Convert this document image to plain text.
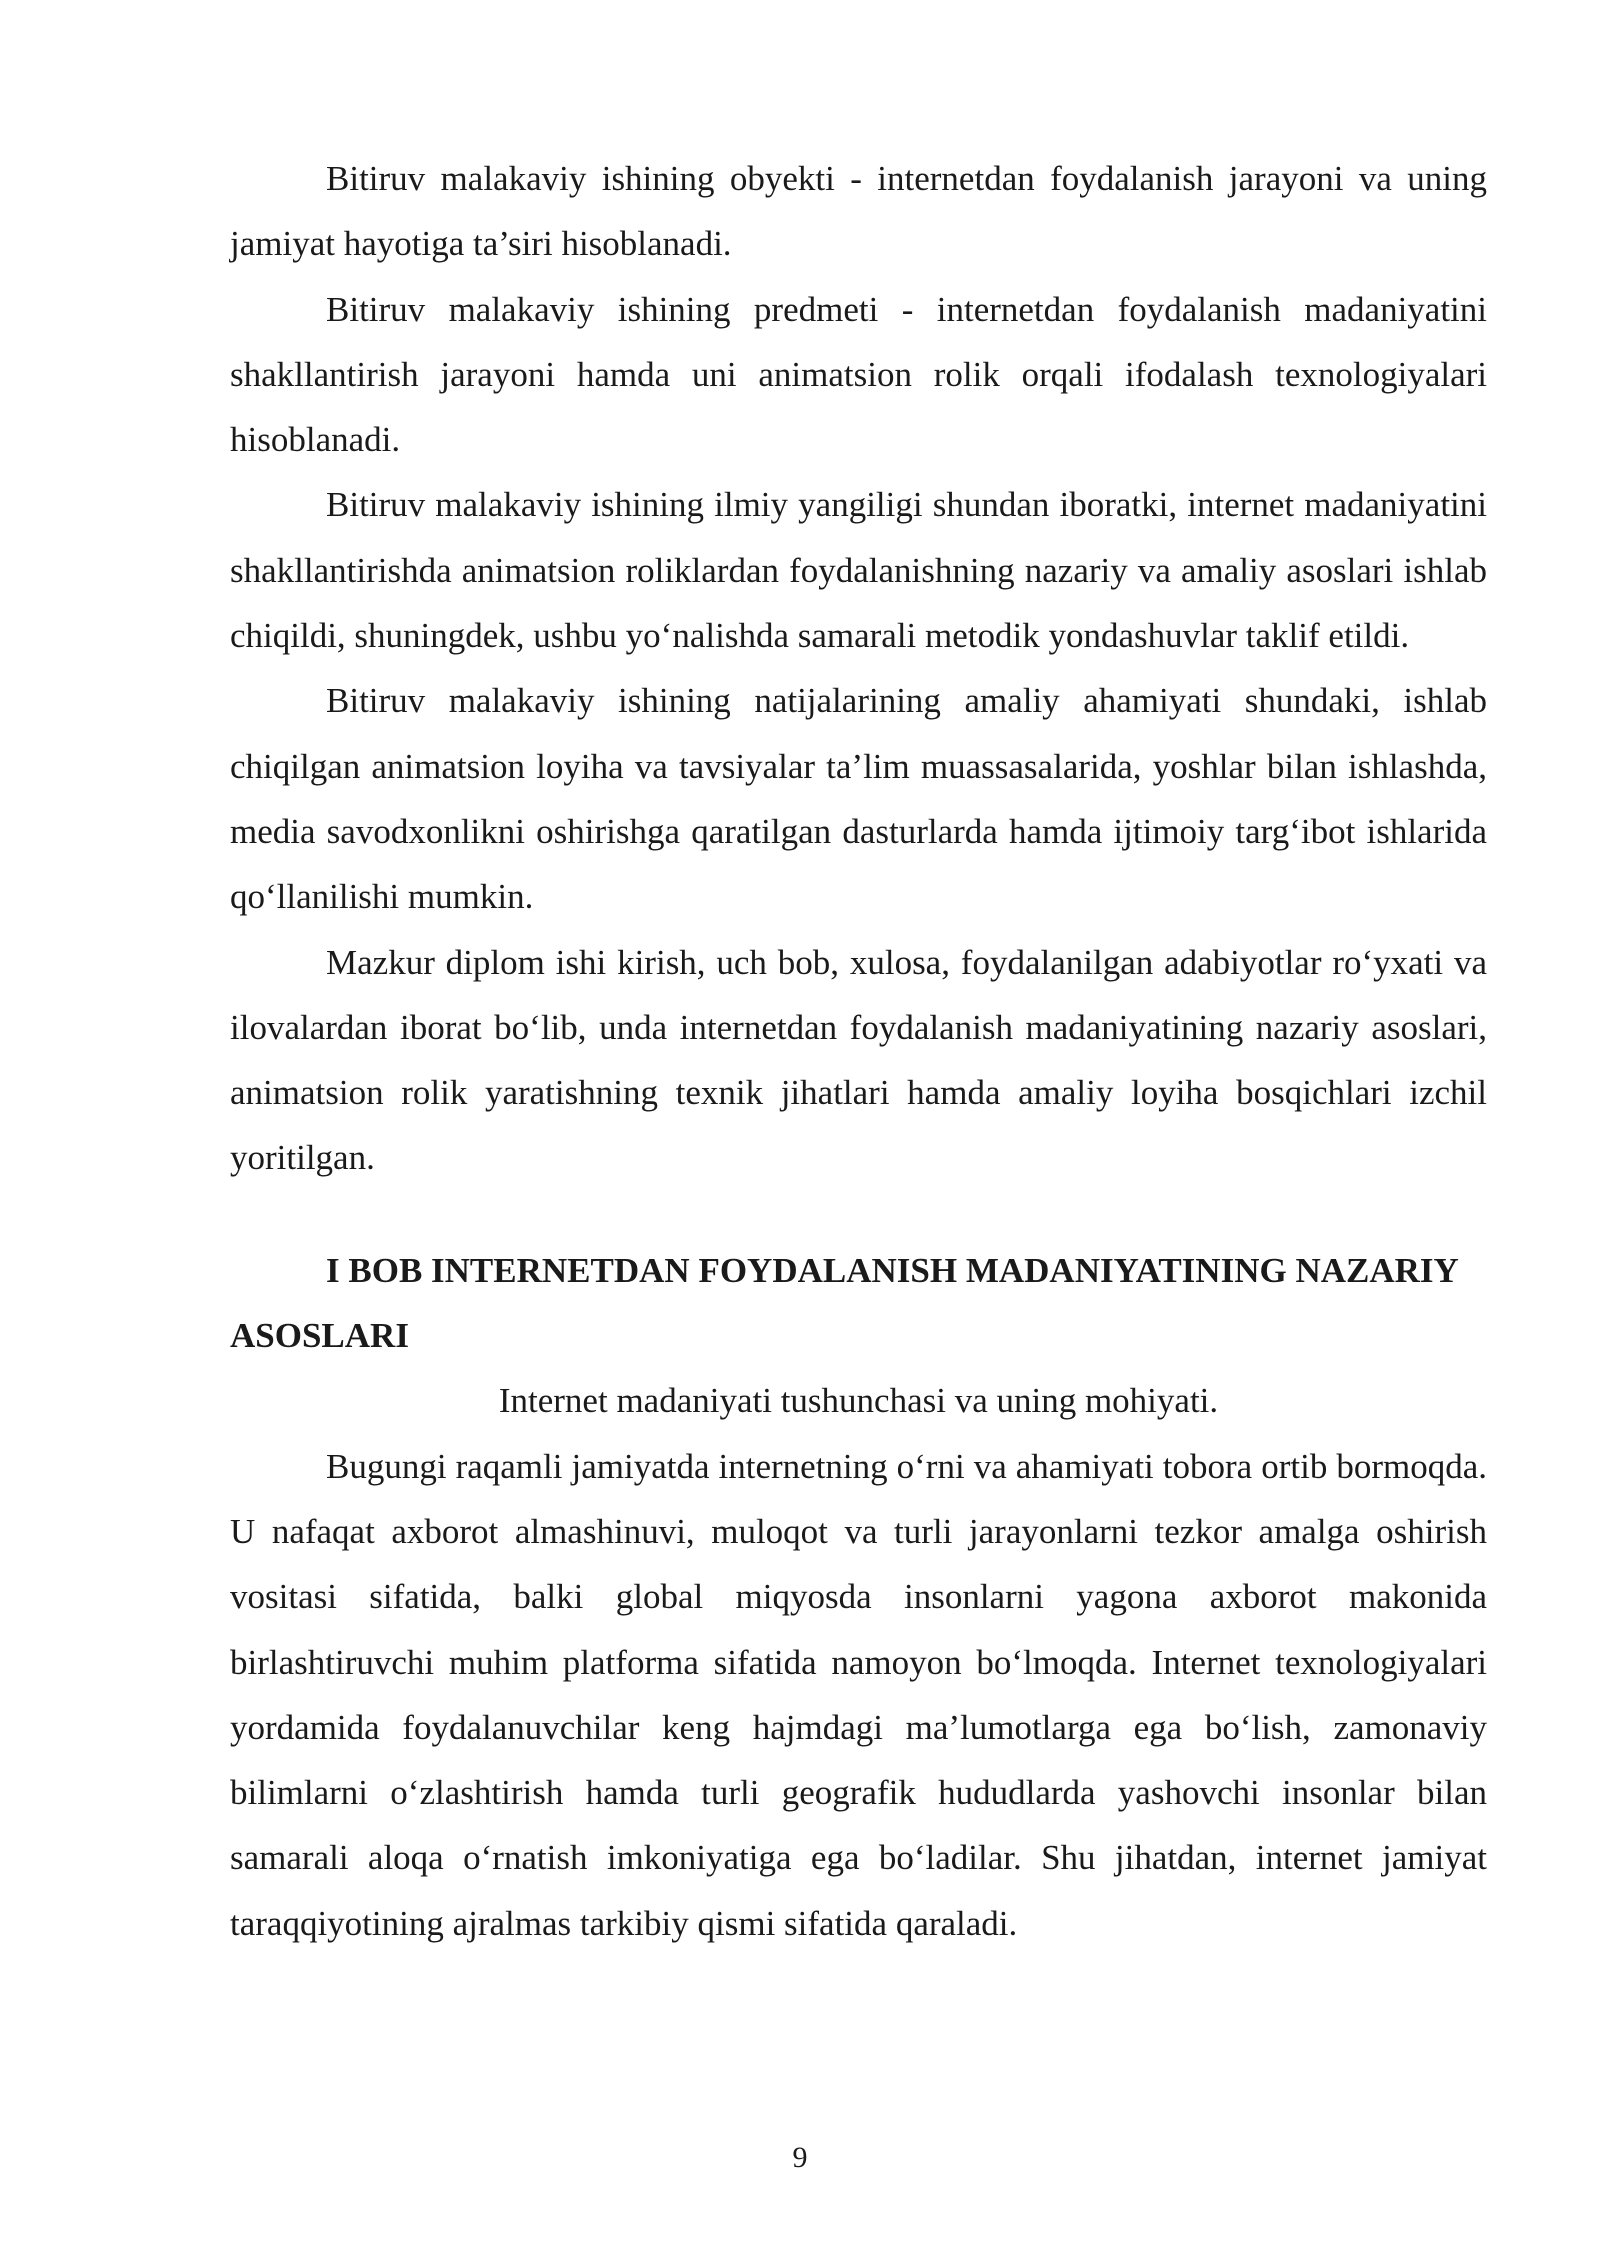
Bitiruv malakaviy ishining obyekti - internetdan foydalanish jarayoni va uning jamiyat hayotiga ta’siri hisoblanadi.

Bitiruv malakaviy ishining predmeti - internetdan foydalanish madaniyatini shakllantirish jarayoni hamda uni animatsion rolik orqali ifodalash texnologiyalari hisoblanadi.

Bitiruv malakaviy ishining ilmiy yangiligi shundan iboratki, internet madaniyatini shakllantirishda animatsion roliklardan foydalanishning nazariy va amaliy asoslari ishlab chiqildi, shuningdek, ushbu yo‘nalishda samarali metodik yondashuvlar taklif etildi.

Bitiruv malakaviy ishining natijalarining amaliy ahamiyati shundaki, ishlab chiqilgan animatsion loyiha va tavsiyalar ta’lim muassasalarida, yoshlar bilan ishlashda, media savodxonlikni oshirishga qaratilgan dasturlarda hamda ijtimoiy targ‘ibot ishlarida qo‘llanilishi mumkin.

Mazkur diplom ishi kirish, uch bob, xulosa, foydalanilgan adabiyotlar ro‘yxati va ilovalardan iborat bo‘lib, unda internetdan foydalanish madaniyatining nazariy asoslari, animatsion rolik yaratishning texnik jihatlari hamda amaliy loyiha bosqichlari izchil yoritilgan.

I BOB INTERNETDAN FOYDALANISH MADANIYATINING NAZARIY ASOSLARI

Internet madaniyati tushunchasi va uning mohiyati.

Bugungi raqamli jamiyatda internetning o‘rni va ahamiyati tobora ortib bormoqda. U nafaqat axborot almashinuvi, muloqot va turli jarayonlarni tezkor amalga oshirish vositasi sifatida, balki global miqyosda insonlarni yagona axborot makonida birlashtiruvchi muhim platforma sifatida namoyon bo‘lmoqda. Internet texnologiyalari yordamida foydalanuvchilar keng hajmdagi ma’lumotlarga ega bo‘lish, zamonaviy bilimlarni o‘zlashtirish hamda turli geografik hududlarda yashovchi insonlar bilan samarali aloqa o‘rnatish imkoniyatiga ega bo‘ladilar. Shu jihatdan, internet jamiyat taraqqiyotining ajralmas tarkibiy qismi sifatida qaraladi.

9
